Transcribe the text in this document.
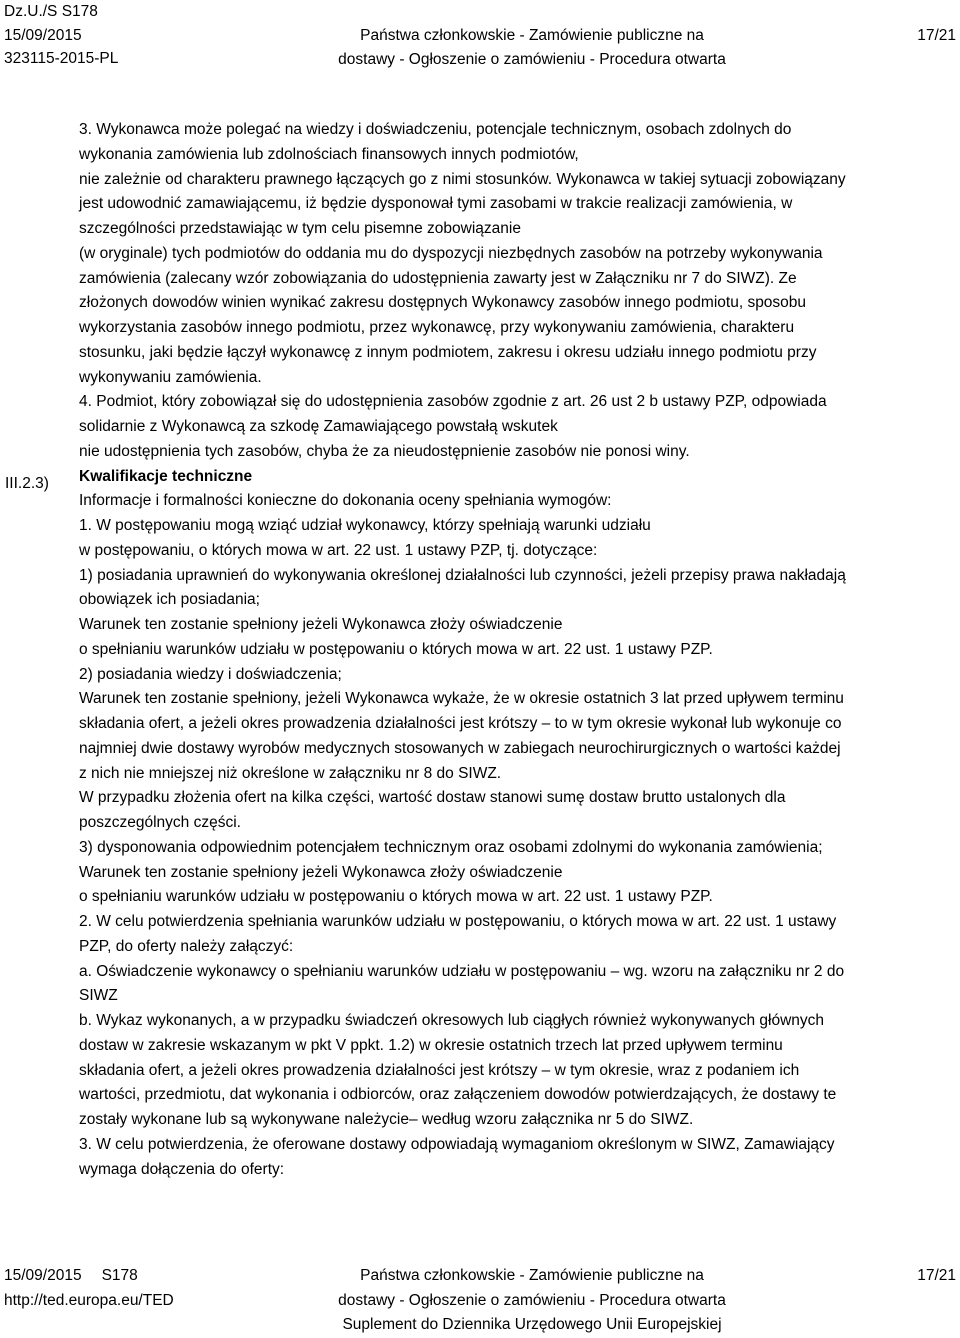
Dz.U./S S178
15/09/2015
323115-2015-PL
Państwa członkowskie - Zamówienie publiczne na
dostawy - Ogłoszenie o zamówieniu - Procedura otwarta
17/21
III.2.3)
3. Wykonawca może polegać na wiedzy i doświadczeniu, potencjale technicznym, osobach zdolnych do
wykonania zamówienia lub zdolnościach finansowych innych podmiotów,
nie zależnie od charakteru prawnego łączących go z nimi stosunków. Wykonawca w takiej sytuacji zobowiązany
jest udowodnić zamawiającemu, iż będzie dysponował tymi zasobami w trakcie realizacji zamówienia, w
szczególności przedstawiając w tym celu pisemne zobowiązanie
(w oryginale) tych podmiotów do oddania mu do dyspozycji niezbędnych zasobów na potrzeby wykonywania
zamówienia (zalecany wzór zobowiązania do udostępnienia zawarty jest w Załączniku nr 7 do SIWZ). Ze
złożonych dowodów winien wynikać zakresu dostępnych Wykonawcy zasobów innego podmiotu, sposobu
wykorzystania zasobów innego podmiotu, przez wykonawcę, przy wykonywaniu zamówienia, charakteru
stosunku, jaki będzie łączył wykonawcę z innym podmiotem, zakresu i okresu udziału innego podmiotu przy
wykonywaniu zamówienia.
4. Podmiot, który zobowiązał się do udostępnienia zasobów zgodnie z art. 26 ust 2 b ustawy PZP, odpowiada
solidarnie z Wykonawcą za szkodę Zamawiającego powstałą wskutek
nie udostępnienia tych zasobów, chyba że za nieudostępnienie zasobów nie ponosi winy.
Kwalifikacje techniczne
Informacje i formalności konieczne do dokonania oceny spełniania wymogów:
1. W postępowaniu mogą wziąć udział wykonawcy, którzy spełniają warunki udziału
w postępowaniu, o których mowa w art. 22 ust. 1 ustawy PZP, tj. dotyczące:
1) posiadania uprawnień do wykonywania określonej działalności lub czynności, jeżeli przepisy prawa nakładają
obowiązek ich posiadania;
Warunek ten zostanie spełniony jeżeli Wykonawca złoży oświadczenie
o spełnianiu warunków udziału w postępowaniu o których mowa w art. 22 ust. 1 ustawy PZP.
2) posiadania wiedzy i doświadczenia;
Warunek ten zostanie spełniony, jeżeli Wykonawca wykaże, że w okresie ostatnich 3 lat przed upływem terminu
składania ofert, a jeżeli okres prowadzenia działalności jest krótszy – to w tym okresie wykonał lub wykonuje co
najmniej dwie dostawy wyrobów medycznych stosowanych w zabiegach neurochirurgicznych o wartości każdej
z nich nie mniejszej niż określone w załączniku nr 8 do SIWZ.
W przypadku złożenia ofert na kilka części, wartość dostaw stanowi sumę dostaw brutto ustalonych dla
poszczególnych części.
3) dysponowania odpowiednim potencjałem technicznym oraz osobami zdolnymi do wykonania zamówienia;
Warunek ten zostanie spełniony jeżeli Wykonawca złoży oświadczenie
o spełnianiu warunków udziału w postępowaniu o których mowa w art. 22 ust. 1 ustawy PZP.
2. W celu potwierdzenia spełniania warunków udziału w postępowaniu, o których mowa w art. 22 ust. 1 ustawy
PZP, do oferty należy załączyć:
a. Oświadczenie wykonawcy o spełnianiu warunków udziału w postępowaniu – wg. wzoru na załączniku nr 2 do
SIWZ
b. Wykaz wykonanych, a w przypadku świadczeń okresowych lub ciągłych również wykonywanych głównych
dostaw w zakresie wskazanym w pkt V ppkt. 1.2) w okresie ostatnich trzech lat przed upływem terminu
składania ofert, a jeżeli okres prowadzenia działalności jest krótszy – w tym okresie, wraz z podaniem ich
wartości, przedmiotu, dat wykonania i odbiorców, oraz załączeniem dowodów potwierdzających, że dostawy te
zostały wykonane lub są wykonywane należycie– według wzoru załącznika nr 5 do SIWZ.
3. W celu potwierdzenia, że oferowane dostawy odpowiadają wymaganiom określonym w SIWZ, Zamawiający
wymaga dołączenia do oferty:
15/09/2015 S178
http://ted.europa.eu/TED
Państwa członkowskie - Zamówienie publiczne na
dostawy - Ogłoszenie o zamówieniu - Procedura otwarta
Suplement do Dziennika Urzędowego Unii Europejskiej
17/21
